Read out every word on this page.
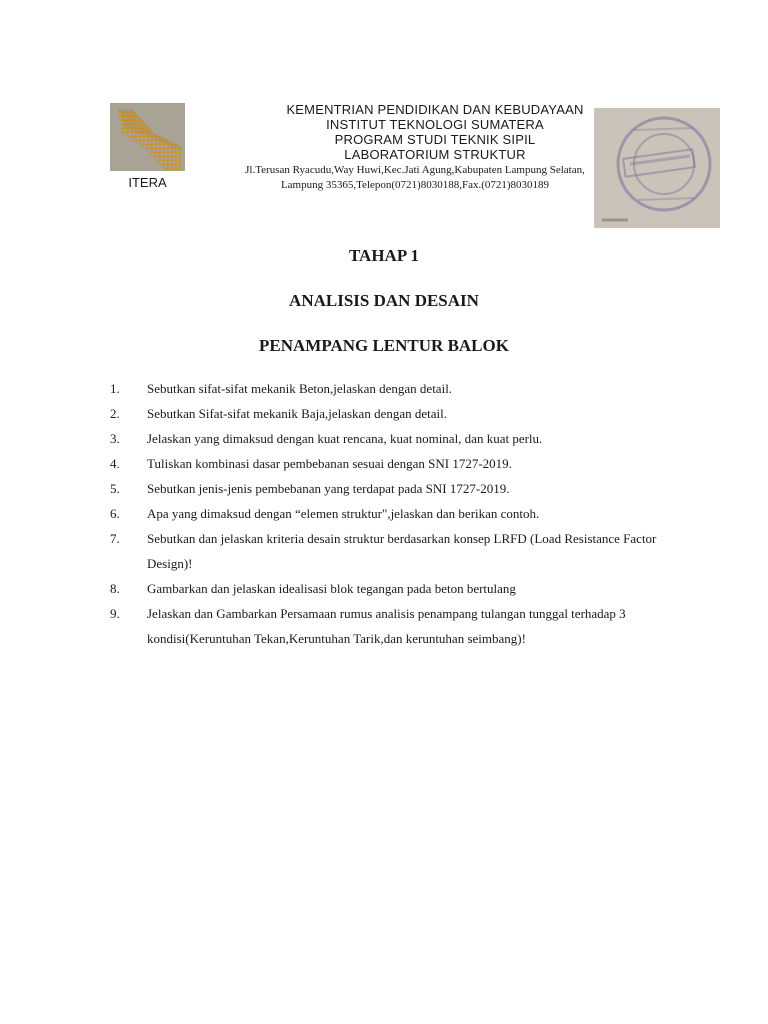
ITERA
KEMENTRIAN PENDIDIKAN DAN KEBUDAYAAN
INSTITUT TEKNOLOGI SUMATERA
PROGRAM STUDI TEKNIK SIPIL
LABORATORIUM STRUKTUR
Jl.Terusan Ryacudu,Way Huwi,Kec.Jati Agung,Kabupaten Lampung Selatan,
Lampung 35365,Telepon(0721)8030188,Fax.(0721)8030189
TAHAP 1
ANALISIS DAN DESAIN
PENAMPANG LENTUR BALOK
1.	Sebutkan sifat-sifat mekanik Beton,jelaskan dengan detail.
2.	Sebutkan Sifat-sifat mekanik Baja,jelaskan dengan detail.
3.	Jelaskan yang dimaksud dengan kuat rencana, kuat nominal, dan kuat perlu.
4.	Tuliskan kombinasi dasar pembebanan sesuai dengan SNI 1727-2019.
5.	Sebutkan jenis-jenis pembebanan yang terdapat pada SNI 1727-2019.
6.	Apa yang dimaksud dengan “elemen struktur",jelaskan dan berikan contoh.
7.	Sebutkan dan jelaskan kriteria desain struktur berdasarkan konsep LRFD (Load Resistance Factor Design)!
8.	Gambarkan dan jelaskan idealisasi blok tegangan pada beton bertulang
9.	Jelaskan dan Gambarkan Persamaan rumus analisis penampang tulangan tunggal terhadap 3 kondisi(Keruntuhan Tekan,Keruntuhan Tarik,dan keruntuhan seimbang)!
